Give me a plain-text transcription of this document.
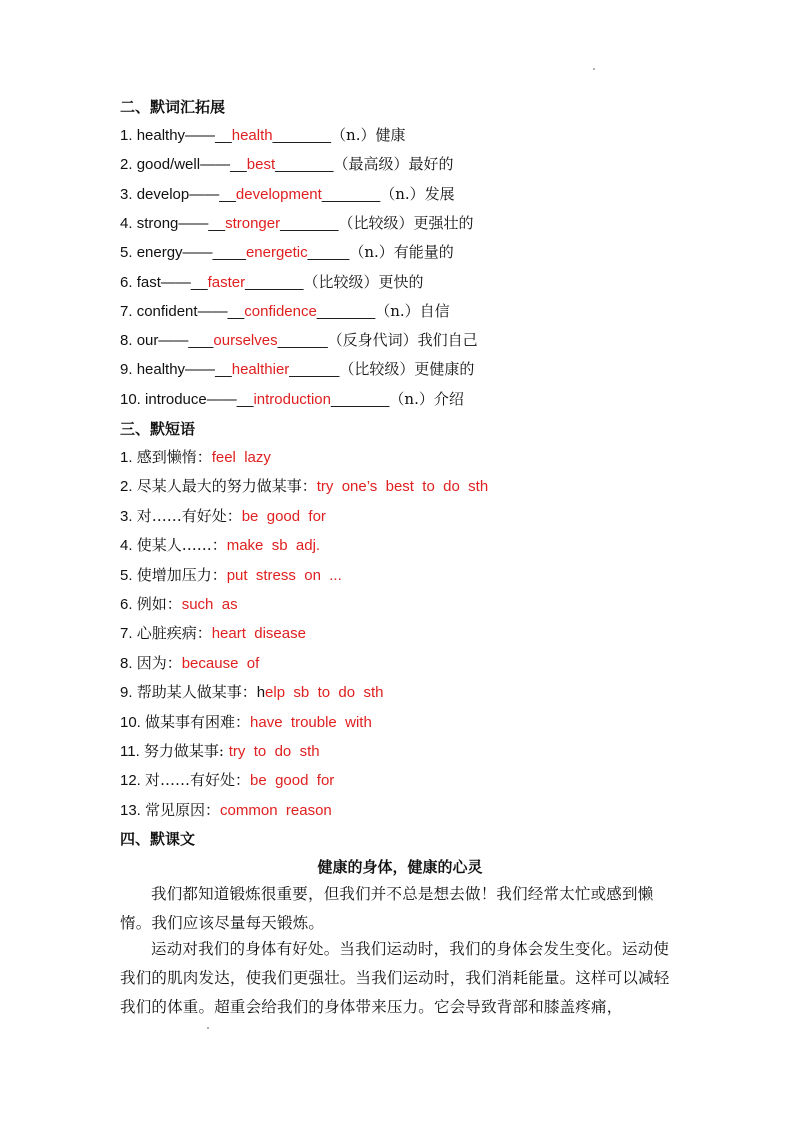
二、默词汇拓展
1. healthy——__health_______（n.）健康
2. good/well——__best_______（最高级）最好的
3. develop——__development_______（n.）发展
4. strong——__stronger_______（比较级）更强壮的
5. energy——____energetic_____（n.）有能量的
6. fast——__faster_______（比较级）更快的
7. confident——__confidence_______（n.）自信
8. our——___ourselves______（反身代词）我们自己
9. healthy——__healthier______（比较级）更健康的
10. introduce——__introduction_______（n.）介绍
三、默短语
1. 感到懒惰：feel  lazy
2. 尽某人最大的努力做某事：try  one’s  best  to  do  sth
3. 对……有好处：be  good  for
4. 使某人……：make  sb  adj.
5. 使增加压力：put  stress  on  ...
6. 例如：such  as
7. 心脏疾病：heart  disease
8. 因为：because  of
9. 帮助某人做某事：help  sb  to  do  sth
10. 做某事有困难：have  trouble  with
11. 努力做某事: try  to  do  sth
12. 对……有好处：be  good  for
13. 常见原因：common  reason
四、默课文
健康的身体，健康的心灵
我们都知道锻炼很重要，但我们并不总是想去做！我们经常太忙或感到懒惰。我们应该尽量每天锻炼。
运动对我们的身体有好处。当我们运动时，我们的身体会发生变化。运动使我们的肌肉发达，使我们更强壮。当我们运动时，我们消耗能量。这样可以减轻我们的体重。超重会给我们的身体带来压力。它会导致背部和膝盖疼痛，
